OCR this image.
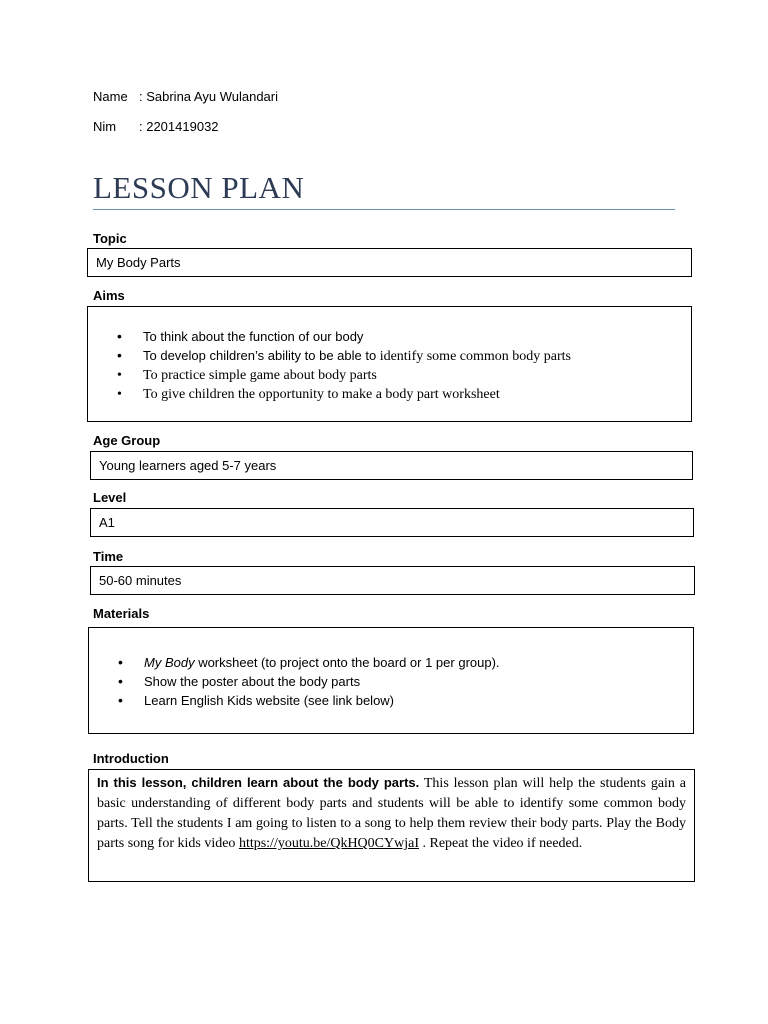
Name : Sabrina Ayu Wulandari
Nim : 2201419032
LESSON PLAN
Topic
My Body Parts
Aims
• To think about the function of our body
• To develop children’s ability to be able to identify some common body parts
• To practice simple game about body parts
• To give children the opportunity to make a body part worksheet
Age Group
Young learners aged 5-7 years
Level
A1
Time
50-60 minutes
Materials
• My Body worksheet (to project onto the board or 1 per group).
• Show the poster about the body parts
• Learn English Kids website (see link below)
Introduction
In this lesson, children learn about the body parts. This lesson plan will help the students gain a basic understanding of different body parts and students will be able to identify some common body parts. Tell the students I am going to listen to a song to help them review their body parts. Play the Body parts song for kids video https://youtu.be/QkHQ0CYwjaI . Repeat the video if needed.
